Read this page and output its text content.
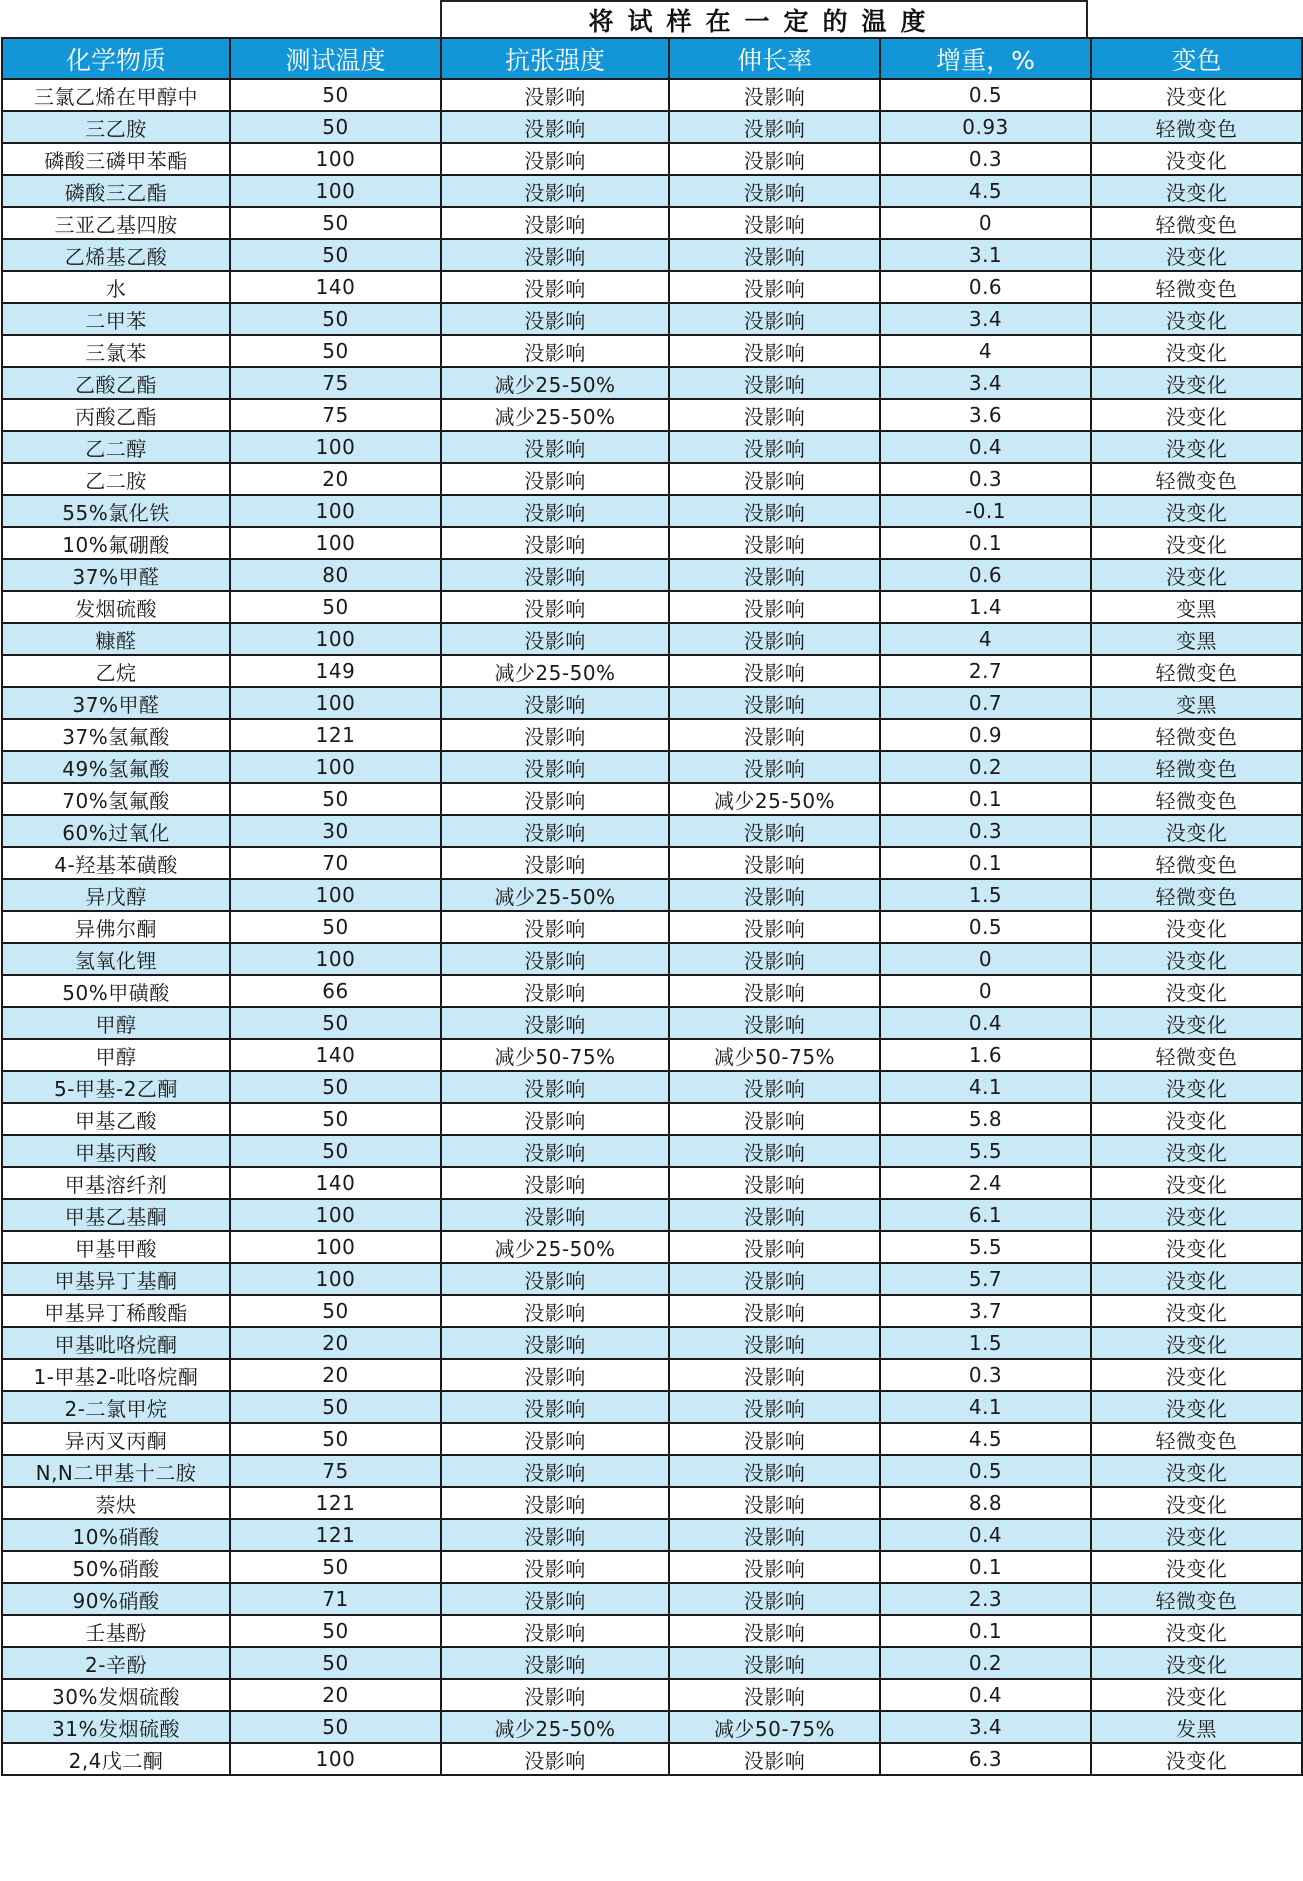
将试样在一定的温度
化学物质	测试温度	抗张强度	伸长率	增重，%	变色
三氯乙烯在甲醇中	50	没影响	没影响	0.5	没变化
三乙胺	50	没影响	没影响	0.93	轻微变色
磷酸三磷甲苯酯	100	没影响	没影响	0.3	没变化
磷酸三乙酯	100	没影响	没影响	4.5	没变化
三亚乙基四胺	50	没影响	没影响	0	轻微变色
乙烯基乙酸	50	没影响	没影响	3.1	没变化
水	140	没影响	没影响	0.6	轻微变色
二甲苯	50	没影响	没影响	3.4	没变化
三氯苯	50	没影响	没影响	4	没变化
乙酸乙酯	75	减少25-50%	没影响	3.4	没变化
丙酸乙酯	75	减少25-50%	没影响	3.6	没变化
乙二醇	100	没影响	没影响	0.4	没变化
乙二胺	20	没影响	没影响	0.3	轻微变色
55%氯化铁	100	没影响	没影响	-0.1	没变化
10%氟硼酸	100	没影响	没影响	0.1	没变化
37%甲醛	80	没影响	没影响	0.6	没变化
发烟硫酸	50	没影响	没影响	1.4	变黑
糠醛	100	没影响	没影响	4	变黑
乙烷	149	减少25-50%	没影响	2.7	轻微变色
37%甲醛	100	没影响	没影响	0.7	变黑
37%氢氟酸	121	没影响	没影响	0.9	轻微变色
49%氢氟酸	100	没影响	没影响	0.2	轻微变色
70%氢氟酸	50	没影响	减少25-50%	0.1	轻微变色
60%过氧化	30	没影响	没影响	0.3	没变化
4-羟基苯磺酸	70	没影响	没影响	0.1	轻微变色
异戊醇	100	减少25-50%	没影响	1.5	轻微变色
异佛尔酮	50	没影响	没影响	0.5	没变化
氢氧化锂	100	没影响	没影响	0	没变化
50%甲磺酸	66	没影响	没影响	0	没变化
甲醇	50	没影响	没影响	0.4	没变化
甲醇	140	减少50-75%	减少50-75%	1.6	轻微变色
5-甲基-2乙酮	50	没影响	没影响	4.1	没变化
甲基乙酸	50	没影响	没影响	5.8	没变化
甲基丙酸	50	没影响	没影响	5.5	没变化
甲基溶纤剂	140	没影响	没影响	2.4	没变化
甲基乙基酮	100	没影响	没影响	6.1	没变化
甲基甲酸	100	减少25-50%	没影响	5.5	没变化
甲基异丁基酮	100	没影响	没影响	5.7	没变化
甲基异丁稀酸酯	50	没影响	没影响	3.7	没变化
甲基吡咯烷酮	20	没影响	没影响	1.5	没变化
1-甲基2-吡咯烷酮	20	没影响	没影响	0.3	没变化
2-二氯甲烷	50	没影响	没影响	4.1	没变化
异丙叉丙酮	50	没影响	没影响	4.5	轻微变色
N,N二甲基十二胺	75	没影响	没影响	0.5	没变化
萘炔	121	没影响	没影响	8.8	没变化
10%硝酸	121	没影响	没影响	0.4	没变化
50%硝酸	50	没影响	没影响	0.1	没变化
90%硝酸	71	没影响	没影响	2.3	轻微变色
壬基酚	50	没影响	没影响	0.1	没变化
2-辛酚	50	没影响	没影响	0.2	没变化
30%发烟硫酸	20	没影响	没影响	0.4	没变化
31%发烟硫酸	50	减少25-50%	减少50-75%	3.4	发黑
2,4戊二酮	100	没影响	没影响	6.3	没变化
